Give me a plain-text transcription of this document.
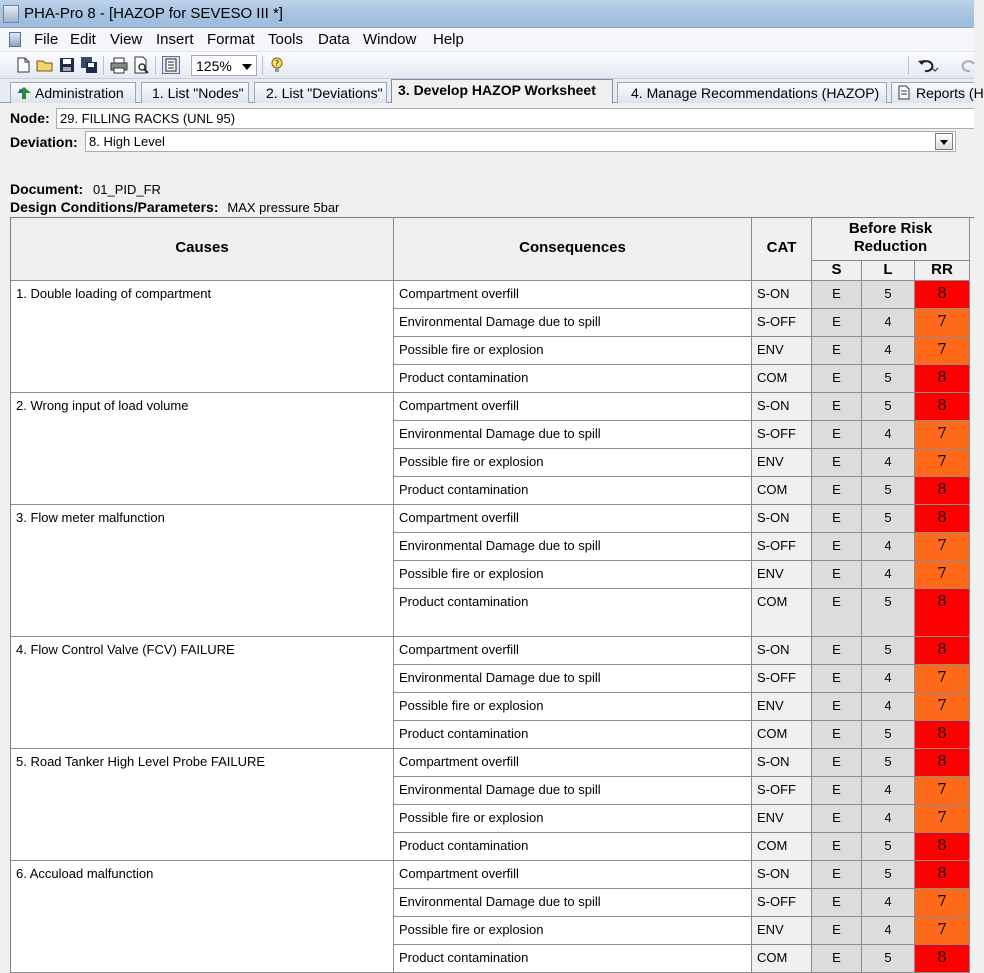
PHA-Pro 8 - [HAZOP for SEVESO III *]
File Edit View Insert Format Tools Data Window Help
125%	?
Administration	1. List "Nodes"	2. List "Deviations"	3. Develop HAZOP Worksheet	4. Manage Recommendations (HAZOP)	Reports (H
Node: 29. FILLING RACKS (UNL 95)
Deviation: 8. High Level
Document: 01_PID_FR
Design Conditions/Parameters: MAX pressure 5bar
Causes	Consequences	CAT
Before Risk Reduction
S	L	RR
1. Double loading of compartment	Compartment overfill	S-ON	E	5	8
Environmental Damage due to spill	S-OFF	E	4	7
Possible fire or explosion	ENV	E	4	7
Product contamination	COM	E	5	8
2. Wrong input of load volume	Compartment overfill	S-ON	E	5	8
Environmental Damage due to spill	S-OFF	E	4	7
Possible fire or explosion	ENV	E	4	7
Product contamination	COM	E	5	8
3. Flow meter malfunction	Compartment overfill	S-ON	E	5	8
Environmental Damage due to spill	S-OFF	E	4	7
Possible fire or explosion	ENV	E	4	7
Product contamination	COM	E	5	8
4. Flow Control Valve (FCV) FAILURE	Compartment overfill	S-ON	E	5	8
Environmental Damage due to spill	S-OFF	E	4	7
Possible fire or explosion	ENV	E	4	7
Product contamination	COM	E	5	8
5. Road Tanker High Level Probe FAILURE	Compartment overfill	S-ON	E	5	8
Environmental Damage due to spill	S-OFF	E	4	7
Possible fire or explosion	ENV	E	4	7
Product contamination	COM	E	5	8
6. Accuload malfunction	Compartment overfill	S-ON	E	5	8
Environmental Damage due to spill	S-OFF	E	4	7
Possible fire or explosion	ENV	E	4	7
Product contamination	COM	E	5	8
